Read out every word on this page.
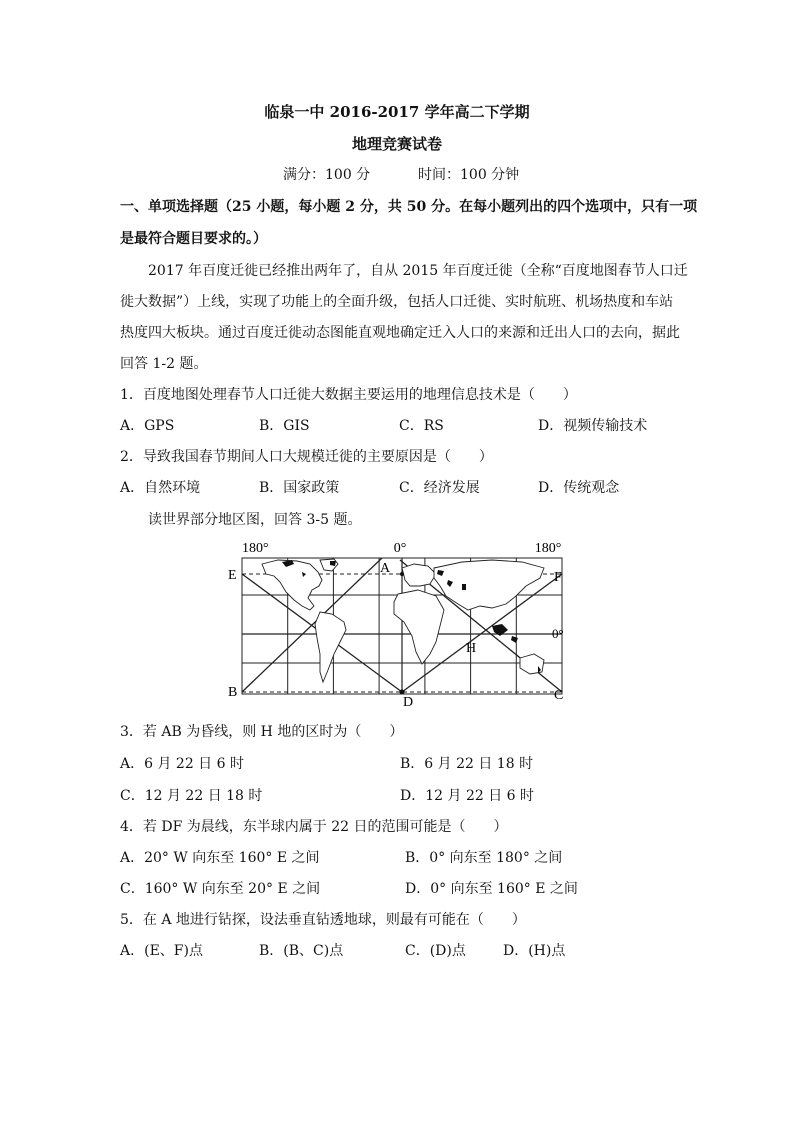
临泉一中 2016-2017 学年高二下学期
地理竞赛试卷
满分：100 分	时间：100 分钟
一、单项选择题（25 小题，每小题 2 分，共 50 分。在每小题列出的四个选项中，只有一项
是最符合题目要求的。）
2017 年百度迁徙已经推出两年了，自从 2015 年百度迁徙（全称“百度地图春节人口迁
徙大数据”）上线，实现了功能上的全面升级，包括人口迁徙、实时航班、机场热度和车站
热度四大板块。通过百度迁徙动态图能直观地确定迁入人口的来源和迁出人口的去向，据此
回答 1-2 题。
1．百度地图处理春节人口迁徙大数据主要运用的地理信息技术是（　　）
A．GPS	B．GIS	C．RS	D．视频传输技术
2．导致我国春节期间人口大规模迁徙的主要原因是（　　）
A．自然环境	B．国家政策	C．经济发展	D．传统观念
读世界部分地区图，回答 3-5 题。
180°	0°	180°
0°
E	A
F
B
D	C
H
3．若 AB 为昏线，则 H 地的区时为（　　）
A．6 月 22 日 6 时	B．6 月 22 日 18 时
C．12 月 22 日 18 时	D．12 月 22 日 6 时
4．若 DF 为晨线，东半球内属于 22 日的范围可能是（　　）
A．20° W 向东至 160° E 之间	B．0° 向东至 180° 之间
C．160° W 向东至 20° E 之间	D．0° 向东至 160° E 之间
5．在 A 地进行钻探，设法垂直钻透地球，则最有可能在（　　）
A．(E、F)点	B．(B、C)点	C．(D)点	D．(H)点
